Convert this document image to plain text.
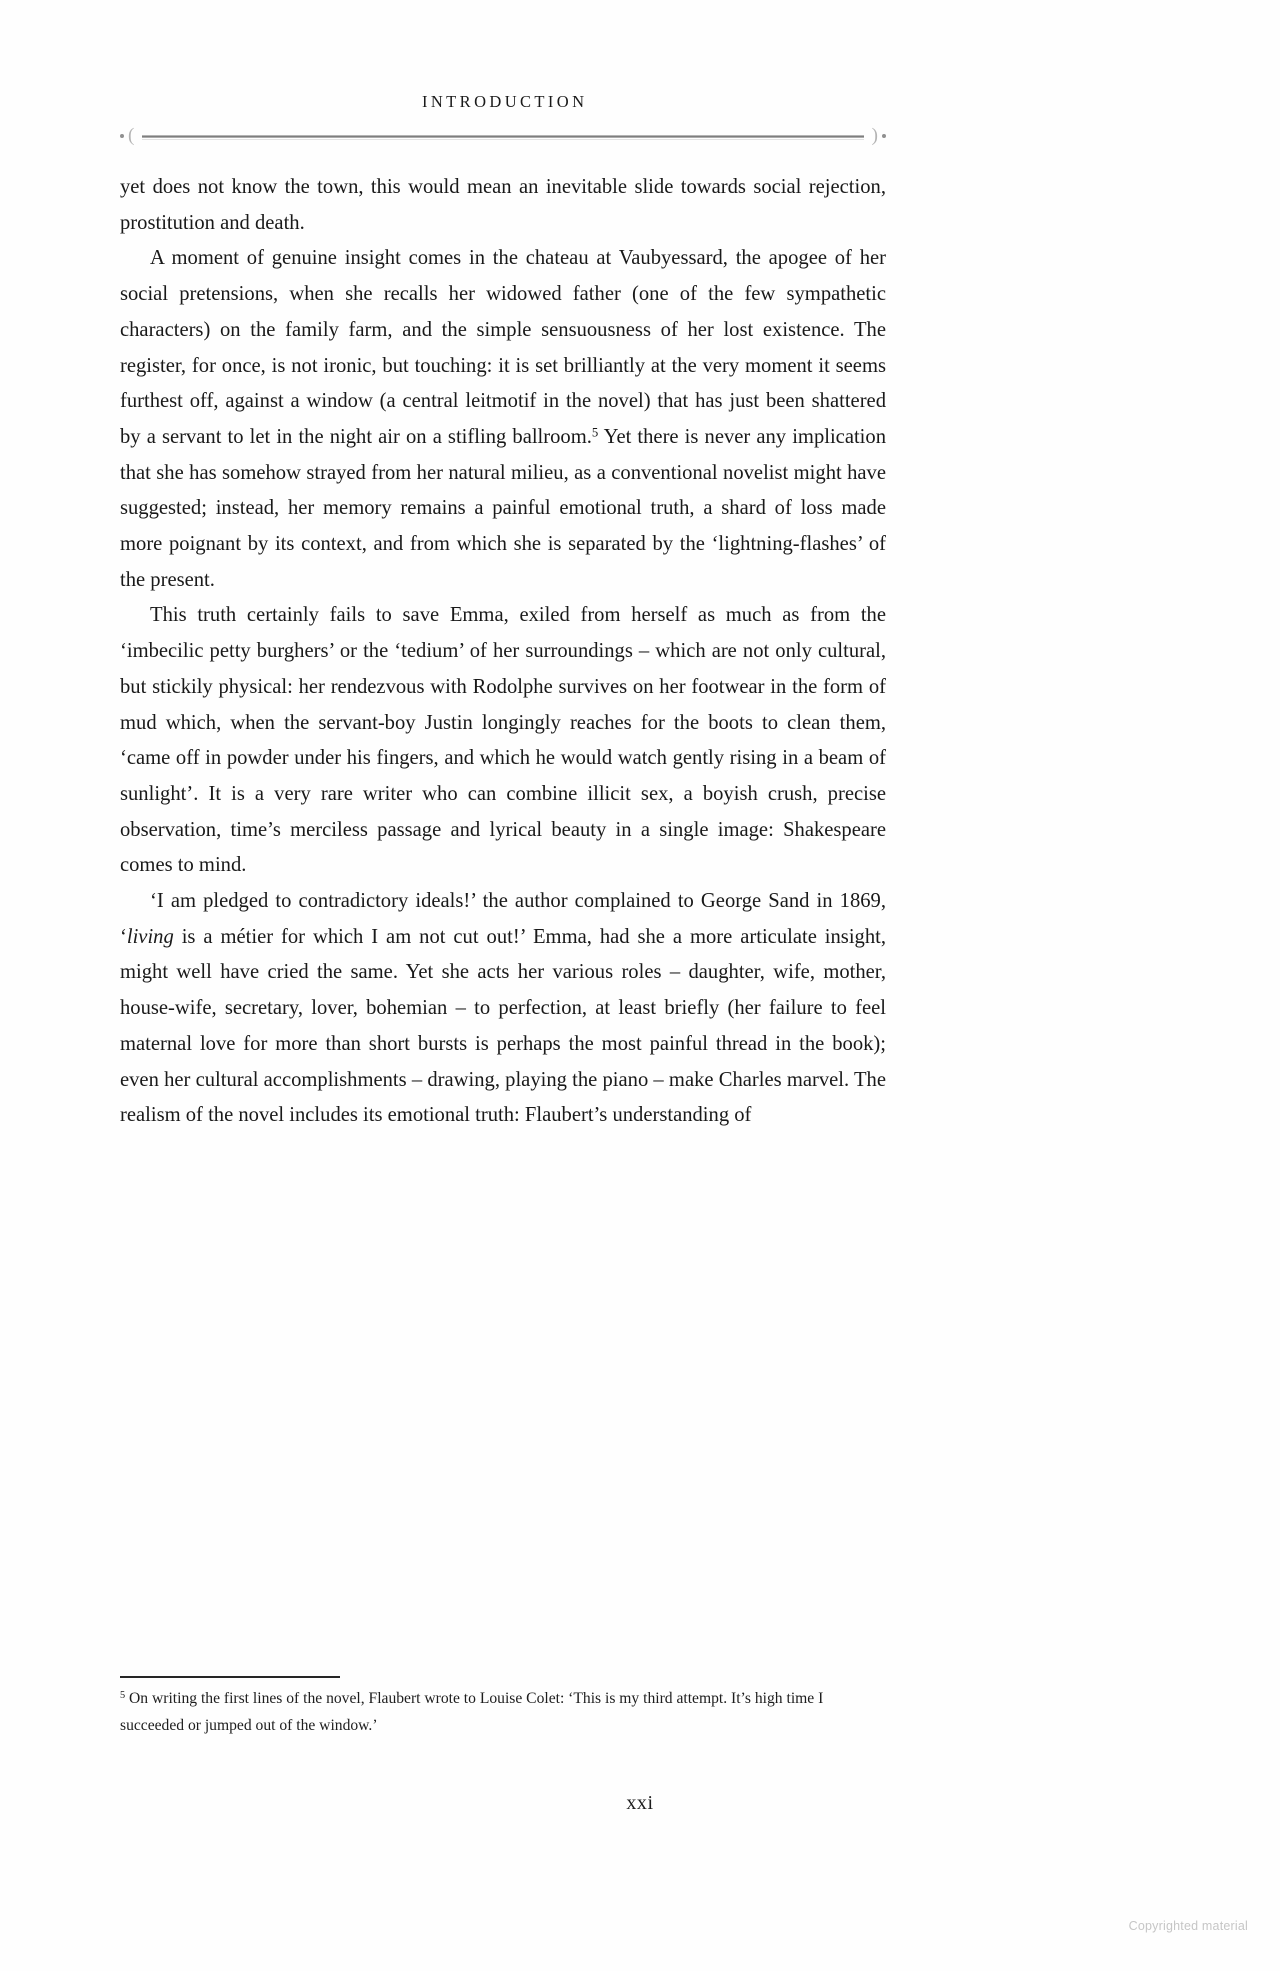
INTRODUCTION
(	)

yet does not know the town, this would mean an inevitable slide towards social rejection, prostitution and death.

A moment of genuine insight comes in the chateau at Vaubyessard, the apogee of her social pretensions, when she recalls her widowed father (one of the few sympathetic characters) on the family farm, and the simple sensuousness of her lost existence. The register, for once, is not ironic, but touching: it is set brilliantly at the very moment it seems furthest off, against a window (a central leitmotif in the novel) that has just been shattered by a servant to let in the night air on a stifling ballroom.$^5$ Yet there is never any implication that she has somehow strayed from her natural milieu, as a conventional novelist might have suggested; instead, her memory remains a painful emotional truth, a shard of loss made more poignant by its context, and from which she is separated by the ‘lightning-flashes’ of the present.

This truth certainly fails to save Emma, exiled from herself as much as from the ‘imbecilic petty burghers’ or the ‘tedium’ of her surroundings – which are not only cultural, but stickily physical: her rendezvous with Rodolphe survives on her footwear in the form of mud which, when the servant-boy Justin longingly reaches for the boots to clean them, ‘came off in powder under his fingers, and which he would watch gently rising in a beam of sunlight’. It is a very rare writer who can combine illicit sex, a boyish crush, precise observation, time’s merciless passage and lyrical beauty in a single image: Shakespeare comes to mind.

‘I am pledged to contradictory ideals!’ the author complained to George Sand in 1869, ‘living is a métier for which I am not cut out!’ Emma, had she a more articulate insight, might well have cried the same. Yet she acts her various roles – daughter, wife, mother, house-wife, secretary, lover, bohemian – to perfection, at least briefly (her failure to feel maternal love for more than short bursts is perhaps the most painful thread in the book); even her cultural accomplishments – drawing, playing the piano – make Charles marvel. The realism of the novel includes its emotional truth: Flaubert’s understanding of

$^5$ On writing the first lines of the novel, Flaubert wrote to Louise Colet: ‘This is my third attempt. It’s high time I succeeded or jumped out of the window.’
xxi
Copyrighted material
